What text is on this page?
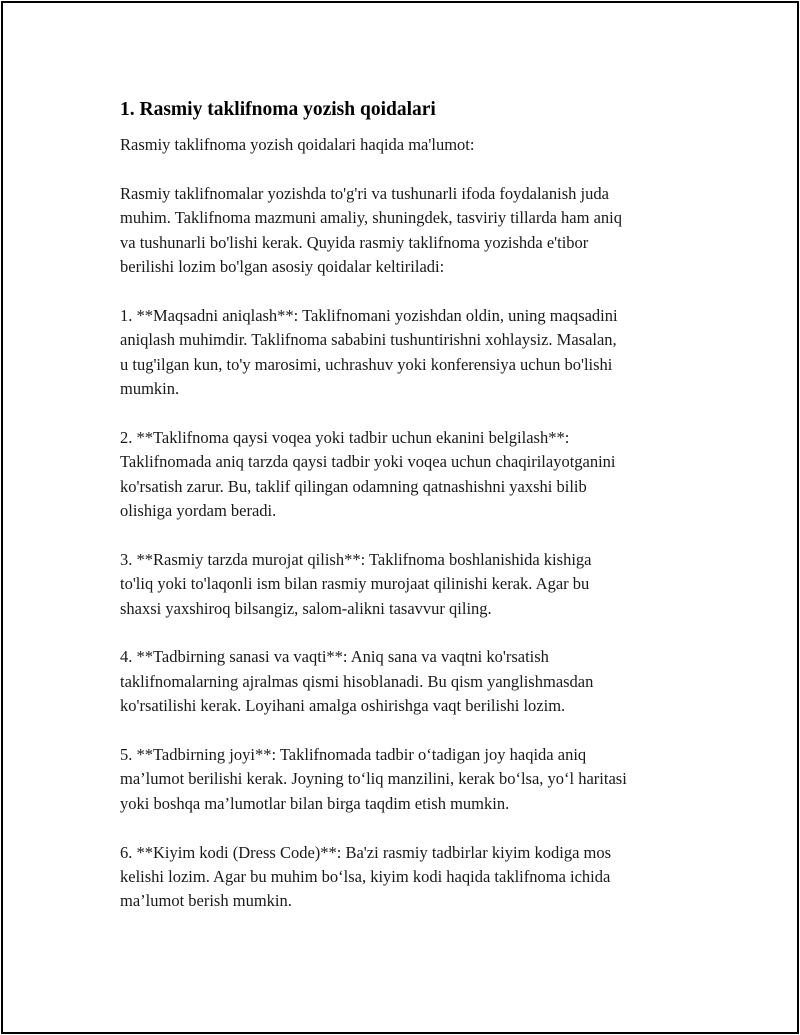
1. Rasmiy taklifnoma yozish qoidalari

Rasmiy taklifnoma yozish qoidalari haqida ma'lumot:

Rasmiy taklifnomalar yozishda to'g'ri va tushunarli ifoda foydalanish juda
muhim. Taklifnoma mazmuni amaliy, shuningdek, tasviriy tillarda ham aniq
va tushunarli bo'lishi kerak. Quyida rasmiy taklifnoma yozishda e'tibor
berilishi lozim bo'lgan asosiy qoidalar keltiriladi:

1. **Maqsadni aniqlash**: Taklifnomani yozishdan oldin, uning maqsadini
aniqlash muhimdir. Taklifnoma sababini tushuntirishni xohlaysiz. Masalan,
u tug'ilgan kun, to'y marosimi, uchrashuv yoki konferensiya uchun bo'lishi
mumkin.

2. **Taklifnoma qaysi voqea yoki tadbir uchun ekanini belgilash**:
Taklifnomada aniq tarzda qaysi tadbir yoki voqea uchun chaqirilayotganini
ko'rsatish zarur. Bu, taklif qilingan odamning qatnashishni yaxshi bilib
olishiga yordam beradi.

3. **Rasmiy tarzda murojat qilish**: Taklifnoma boshlanishida kishiga
to'liq yoki to'laqonli ism bilan rasmiy murojaat qilinishi kerak. Agar bu
shaxsi yaxshiroq bilsangiz, salom-alikni tasavvur qiling.

4. **Tadbirning sanasi va vaqti**: Aniq sana va vaqtni ko'rsatish
taklifnomalarning ajralmas qismi hisoblanadi. Bu qism yanglishmasdan
ko'rsatilishi kerak. Loyihani amalga oshirishga vaqt berilishi lozim.

5. **Tadbirning joyi**: Taklifnomada tadbir o‘tadigan joy haqida aniq
ma’lumot berilishi kerak. Joyning to‘liq manzilini, kerak bo‘lsa, yo‘l haritasi
yoki boshqa ma’lumotlar bilan birga taqdim etish mumkin.

6. **Kiyim kodi (Dress Code)**: Ba'zi rasmiy tadbirlar kiyim kodiga mos
kelishi lozim. Agar bu muhim bo‘lsa, kiyim kodi haqida taklifnoma ichida
ma’lumot berish mumkin.
